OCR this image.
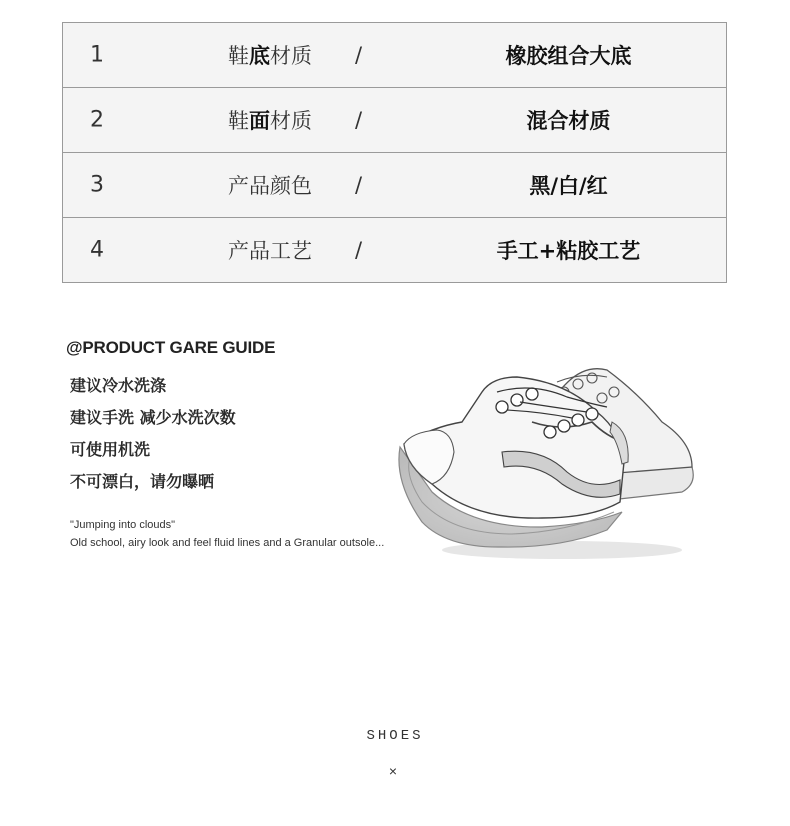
1	鞋底材质 /	橡胶组合大底
2	鞋面材质 /	混合材质
3	产品颜色 /	黑/白/红
4	产品工艺 /	手工+粘胶工艺
@PRODUCT GARE GUIDE
建议冷水洗涤
建议手洗 减少水洗次数
可使用机洗
不可漂白，请勿曝晒
"Jumping into clouds"
Old school, airy look and feel fluid lines and a Granular outsole...
SHOES
×
